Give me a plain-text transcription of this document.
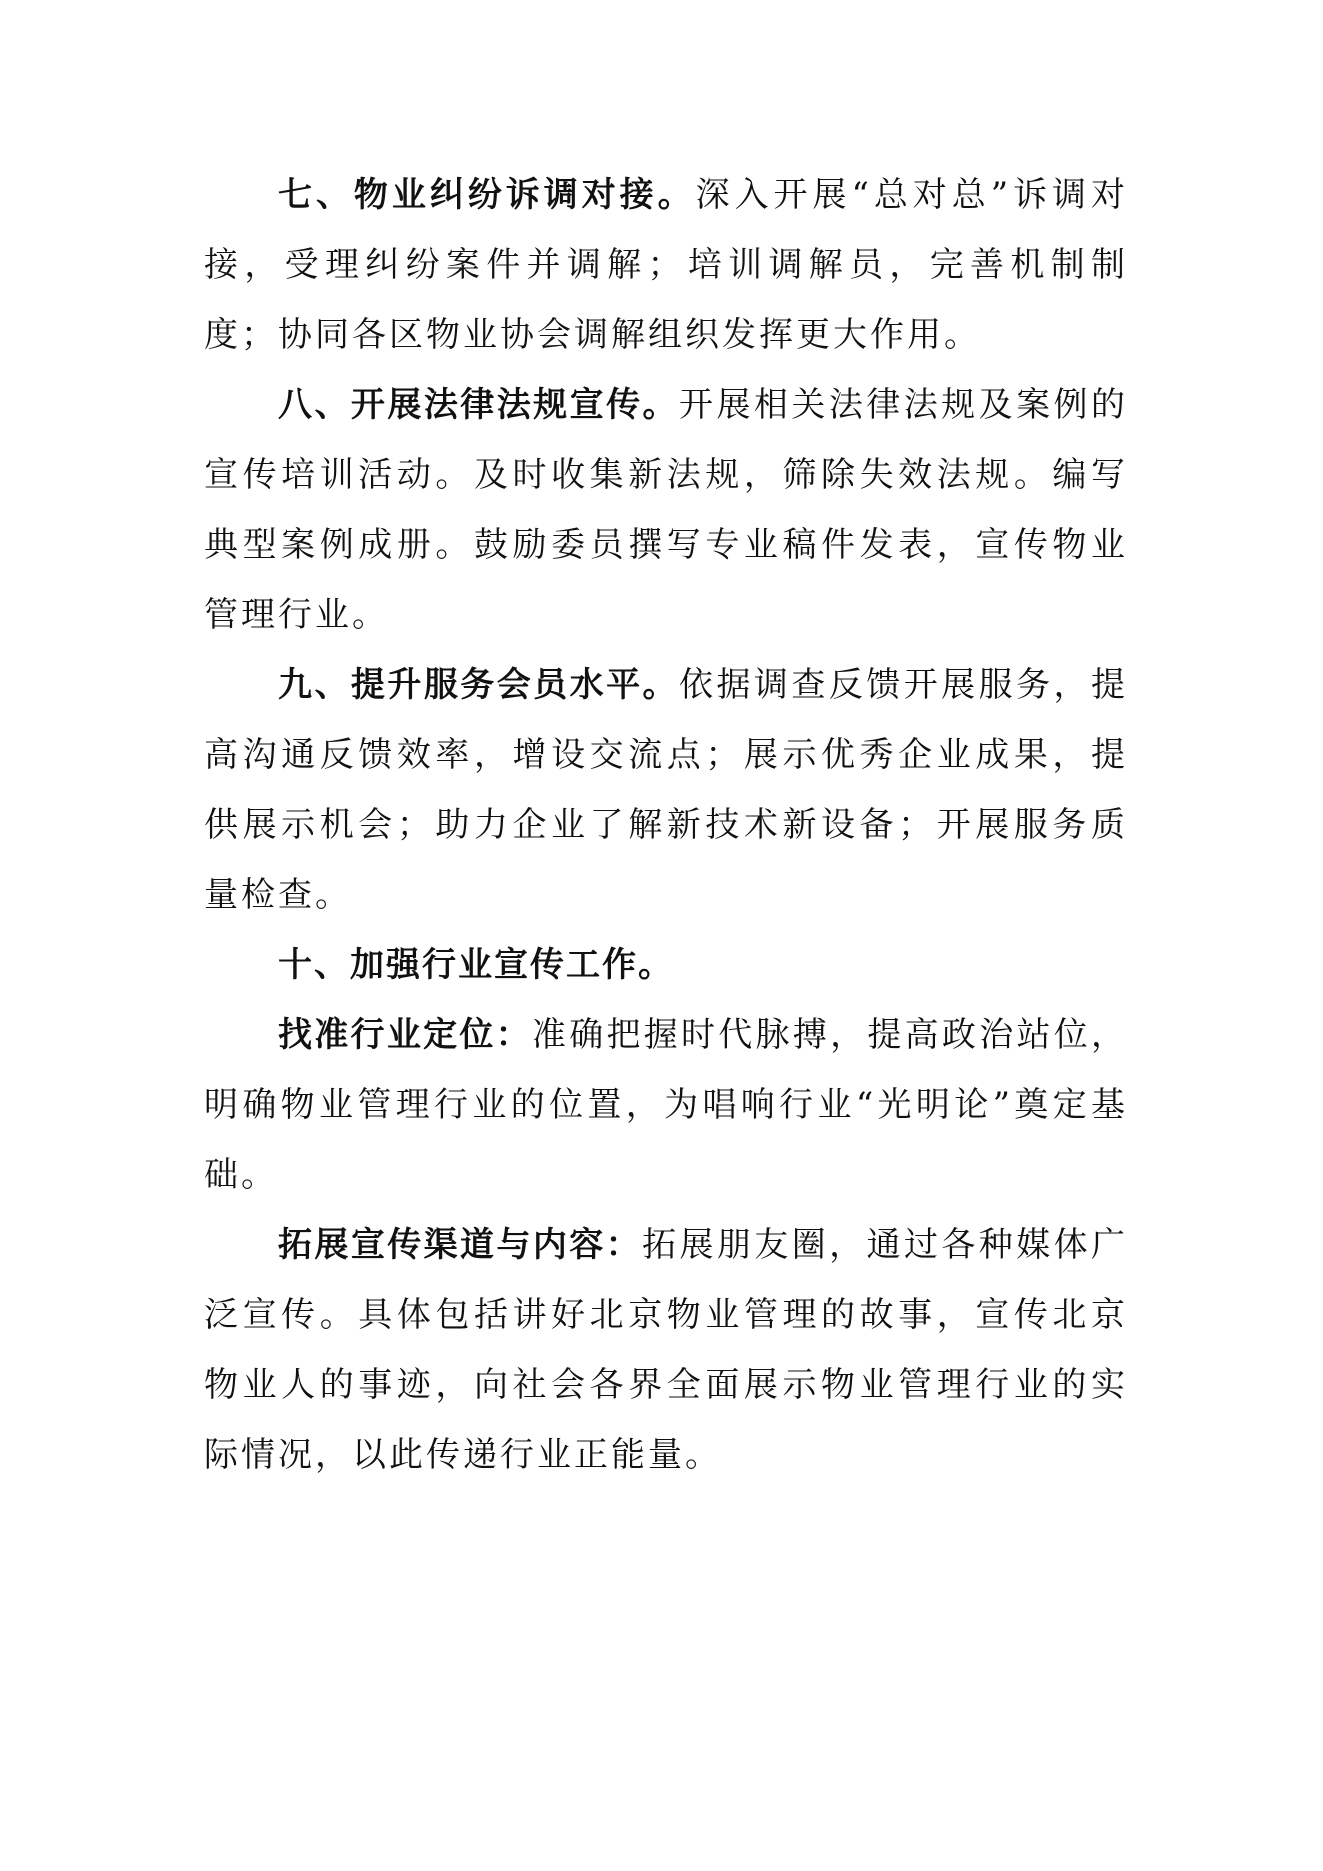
七、物业纠纷诉调对接。深入开展“总对总”诉调对接，受理纠纷案件并调解；培训调解员，完善机制制度；协同各区物业协会调解组织发挥更大作用。

八、开展法律法规宣传。开展相关法律法规及案例的宣传培训活动。及时收集新法规，筛除失效法规。编写典型案例成册。鼓励委员撰写专业稿件发表，宣传物业管理行业。

九、提升服务会员水平。依据调查反馈开展服务，提高沟通反馈效率，增设交流点；展示优秀企业成果，提供展示机会；助力企业了解新技术新设备；开展服务质量检查。

十、加强行业宣传工作。

找准行业定位：准确把握时代脉搏，提高政治站位，明确物业管理行业的位置，为唱响行业“光明论”奠定基础。

拓展宣传渠道与内容：拓展朋友圈，通过各种媒体广泛宣传。具体包括讲好北京物业管理的故事，宣传北京物业人的事迹，向社会各界全面展示物业管理行业的实际情况，以此传递行业正能量。
